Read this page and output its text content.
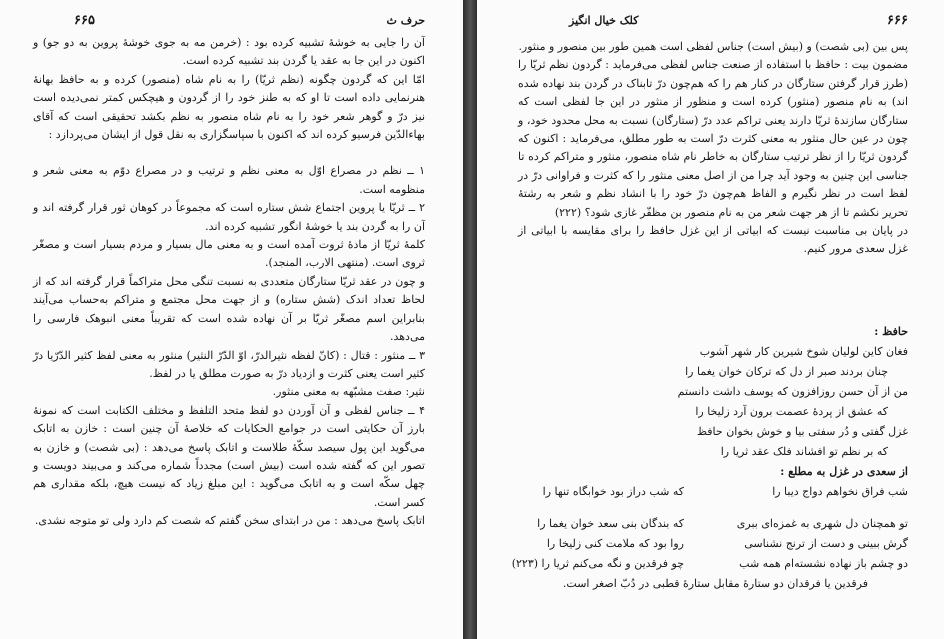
۶۶۵	حرف ث

آن را جایی به خوشهٔ تشبیه کرده بود : (خرمن مه به جوی خوشهٔ پروین به دو جو) و اکنون در این جا به عقد یا گردن بند تشبیه کرده است.

امّا این که گردون چگونه (نظم ثریّا) را به نام شاه (منصور) کرده و به حافظ بهانهٔ هنرنمایی داده است تا او که به طنز خود را از گردون و هیچکس کمتر نمی‌دیده است نیز درّ و گوهر شعر خود را به نام شاه منصور به نظم بکشد تحقیقی است که آقای بهاءالدّین فرسیو کرده اند که اکنون با سپاسگزاری به نقل قول از ایشان می‌پردازد :

۱ ــ نظم در مصراع اوّل به معنی نظم و ترتیب و در مصراع دوّم به معنی شعر و منظومه است.

۲ ــ ثریّا یا پروین اجتماع شش ستاره است که مجموعاً در کوهان ثور قرار گرفته اند و آن را به گردن بند یا خوشهٔ انگور تشبیه کرده اند.

کلمهٔ ثریّا از مادهٔ ثروت آمده است و به معنی مال بسیار و مردم بسیار است و مصغّر ثروی است. (منتهی الارب، المنجد).

و چون در عقد ثریّا ستارگان متعددی به نسبت تنگی محل متراکماً قرار گرفته اند که از لحاظ تعداد اندک (شش ستاره) و از جهت محل مجتمع و متراکم به‌حساب می‌آیند بنابراین اسم مصغّر ثریّا بر آن نهاده شده است که تقریباً معنی انبوهک فارسی را می‌دهد.

۳ ــ منثور : قتال : (کانّ لفظه نثیرالدرّ، اوّ الدّرّ النثیر) منثور به معنی لفظ کثیر الدّرّیا درّ کثیر است یعنی کثرت و ازدیاد درّ به صورت مطلق یا در لفظ.

نثیر: صفت مشبّهه به معنی منثور.

۴ ــ جناس لفظی و آن آوردن دو لفظ متحد التلفظ و مختلف الکتابت است که نمونهٔ بارز آن حکایتی است در جوامع الحکایات که خلاصهٔ آن چنین است : خازن به اتابک می‌گوید این پول سیصد سکّهٔ طلاست و اتابک پاسخ می‌دهد : (بی شصت) و خازن به تصور این که گفته شده است (بیش است) مجدداً شماره می‌کند و می‌بیند دویست و چهل سکّه است و به اتابک می‌گوید : این مبلغ زیاد که نیست هیچ، بلکه مقداری هم کسر است.

اتابک پاسخ می‌دهد : من در ابتدای سخن گفتم که شصت کم دارد ولی تو متوجه نشدی.

۶۶۶
کلک خیال انگیز

پس بین (بی شصت) و (بیش است) جناس لفظی است همین طور بین منصور و منثور.

مضمون بیت : حافظ با استفاده از صنعت جناس لفظی می‌فرماید : گردون نظم ثریّا را (طرز قرار گرفتن ستارگان در کنار هم را که هم‌چون درّ تابناک در گردن بند نهاده شده اند) به نام منصور (منثور) کرده است و منظور از منثور در این جا لفظی است که ستارگان سازندهٔ ثریّا دارند یعنی تراکم عدد درّ (ستارگان) نسبت به محل محدود خود، و چون در عین حال منثور به معنی کثرت درّ است به طور مطلق، می‌فرماید : اکنون که گردون ثریّا را از نظر ترتیب ستارگان به خاطر نام شاه منصور، منثور و متراکم کرده تا جناسی این چنین به وجود آید چرا من از اصل معنی منثور را که کثرت و فراوانی درّ در لفظ است در نظر نگیرم و الفاظ هم‌چون درّ خود را با انشاد نظم و شعر به رشتهٔ تحریر نکشم تا از هر جهت شعر من به نام منصور بن مظفّر غازی شود؟ (۲۲۲)

در پایان بی مناسبت نیست که ابیاتی از این غزل حافظ را برای مقایسه با ابیاتی از غزل سعدی مرور کنیم.

حافظ :

فغان کاین لولیان شوخ شیرین کار شهر آشوب

چنان بردند صبر از دل که ترکان خوان یغما را

من از آن حسن روزافزون که یوسف داشت دانستم

که عشق از پردهٔ عصمت برون آرد زلیخا را

غزل گفتی و دُر سفتی بیا و خوش بخوان حافظ

که بر نظم تو افشاند فلک عقد ثریا را

از سعدی در غزل به مطلع :

شب فراق نخواهم دواج دیبا را
که شب دراز بود خوابگاه تنها را
تو همچنان دل شهری به غمزه‌ای ببری
که بندگان بنی سعد خوان یغما را
گرش ببینی و دست از ترنج نشناسی
روا بود که ملامت کنی زلیخا را
دو چشم باز نهاده نشسته‌ام همه شب
چو فرقدین و نگه می‌کنم ثریا را (۲۲۳)

فرقدین یا فرقدان دو ستارهٔ مقابل ستارهٔ قطبی در دُبّ اصغر است.
